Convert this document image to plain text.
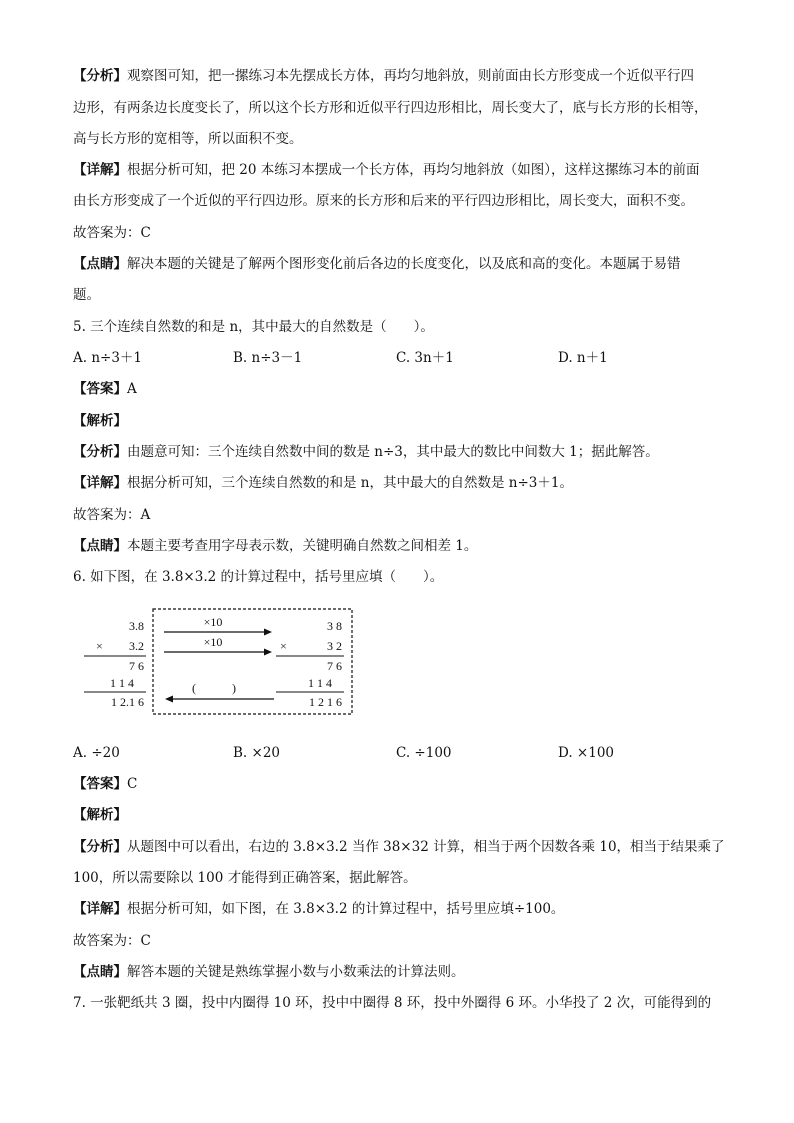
【分析】观察图可知，把一摞练习本先摆成长方体，再均匀地斜放，则前面由长方形变成一个近似平行四
边形，有两条边长度变长了，所以这个长方形和近似平行四边形相比，周长变大了，底与长方形的长相等，
高与长方形的宽相等，所以面积不变。
【详解】根据分析可知，把 20 本练习本摆成一个长方体，再均匀地斜放（如图），这样这摞练习本的前面
由长方形变成了一个近似的平行四边形。原来的长方形和后来的平行四边形相比，周长变大，面积不变。
故答案为：C
【点睛】解决本题的关键是了解两个图形变化前后各边的长度变化，以及底和高的变化。本题属于易错
题。
5. 三个连续自然数的和是 n，其中最大的自然数是（　　）。
A. n÷3＋1	B. n÷3－1	C. 3n＋1	D. n＋1
【答案】A
【解析】
【分析】由题意可知：三个连续自然数中间的数是 n÷3，其中最大的数比中间数大 1；据此解答。
【详解】根据分析可知，三个连续自然数的和是 n，其中最大的自然数是 n÷3＋1。
故答案为：A
【点睛】本题主要考查用字母表示数，关键明确自然数之间相差 1。
6. 如下图，在 3.8×3.2 的计算过程中，括号里应填（　　）。
3.8
× 3.2
7 6
1 1 4
1 2.1 6
×10
×10
(　　　)
3 8
×	3 2
7 6
1 1 4
1 2 1 6
A. ÷20	B. ×20	C. ÷100	D. ×100
【答案】C
【解析】
【分析】从题图中可以看出，右边的 3.8×3.2 当作 38×32 计算，相当于两个因数各乘 10，相当于结果乘了
100，所以需要除以 100 才能得到正确答案，据此解答。
【详解】根据分析可知，如下图，在 3.8×3.2 的计算过程中，括号里应填÷100。
故答案为：C
【点睛】解答本题的关键是熟练掌握小数与小数乘法的计算法则。
7. 一张靶纸共 3 圈，投中内圈得 10 环，投中中圈得 8 环，投中外圈得 6 环。小华投了 2 次，可能得到的
